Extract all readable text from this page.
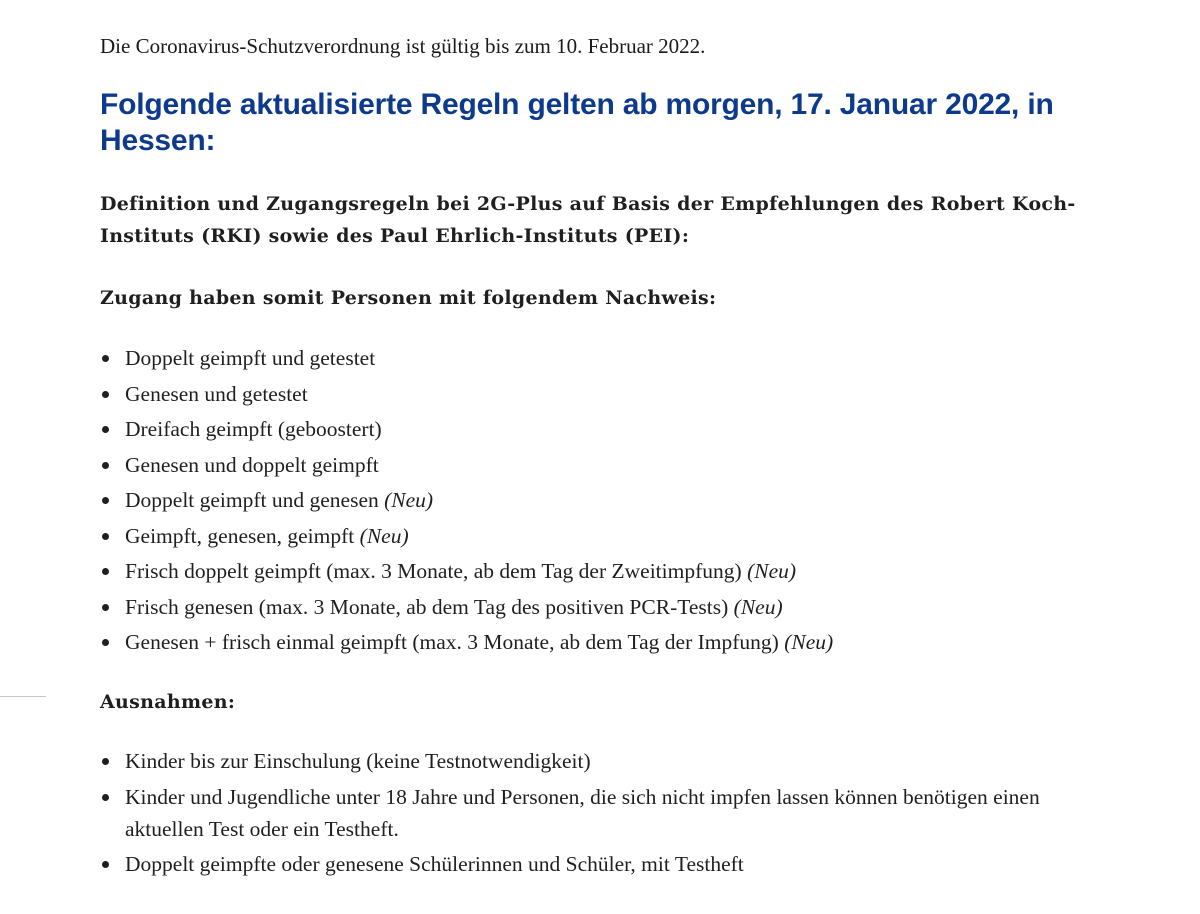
Die Coronavirus-Schutzverordnung ist gültig bis zum 10. Februar 2022.

Folgende aktualisierte Regeln gelten ab morgen, 17. Januar 2022, in Hessen:

Definition und Zugangsregeln bei 2G-Plus auf Basis der Empfehlungen des Robert Koch-Instituts (RKI) sowie des Paul Ehrlich-Instituts (PEI):

Zugang haben somit Personen mit folgendem Nachweis:

Doppelt geimpft und getestet
Genesen und getestet
Dreifach geimpft (geboostert)
Genesen und doppelt geimpft
Doppelt geimpft und genesen (Neu)
Geimpft, genesen, geimpft (Neu)
Frisch doppelt geimpft (max. 3 Monate, ab dem Tag der Zweitimpfung) (Neu)
Frisch genesen (max. 3 Monate, ab dem Tag des positiven PCR-Tests) (Neu)
Genesen + frisch einmal geimpft (max. 3 Monate, ab dem Tag der Impfung) (Neu)

Ausnahmen:

Kinder bis zur Einschulung (keine Testnotwendigkeit)
Kinder und Jugendliche unter 18 Jahre und Personen, die sich nicht impfen lassen können benötigen einen aktuellen Test oder ein Testheft.
Doppelt geimpfte oder genesene Schülerinnen und Schüler, mit Testheft
